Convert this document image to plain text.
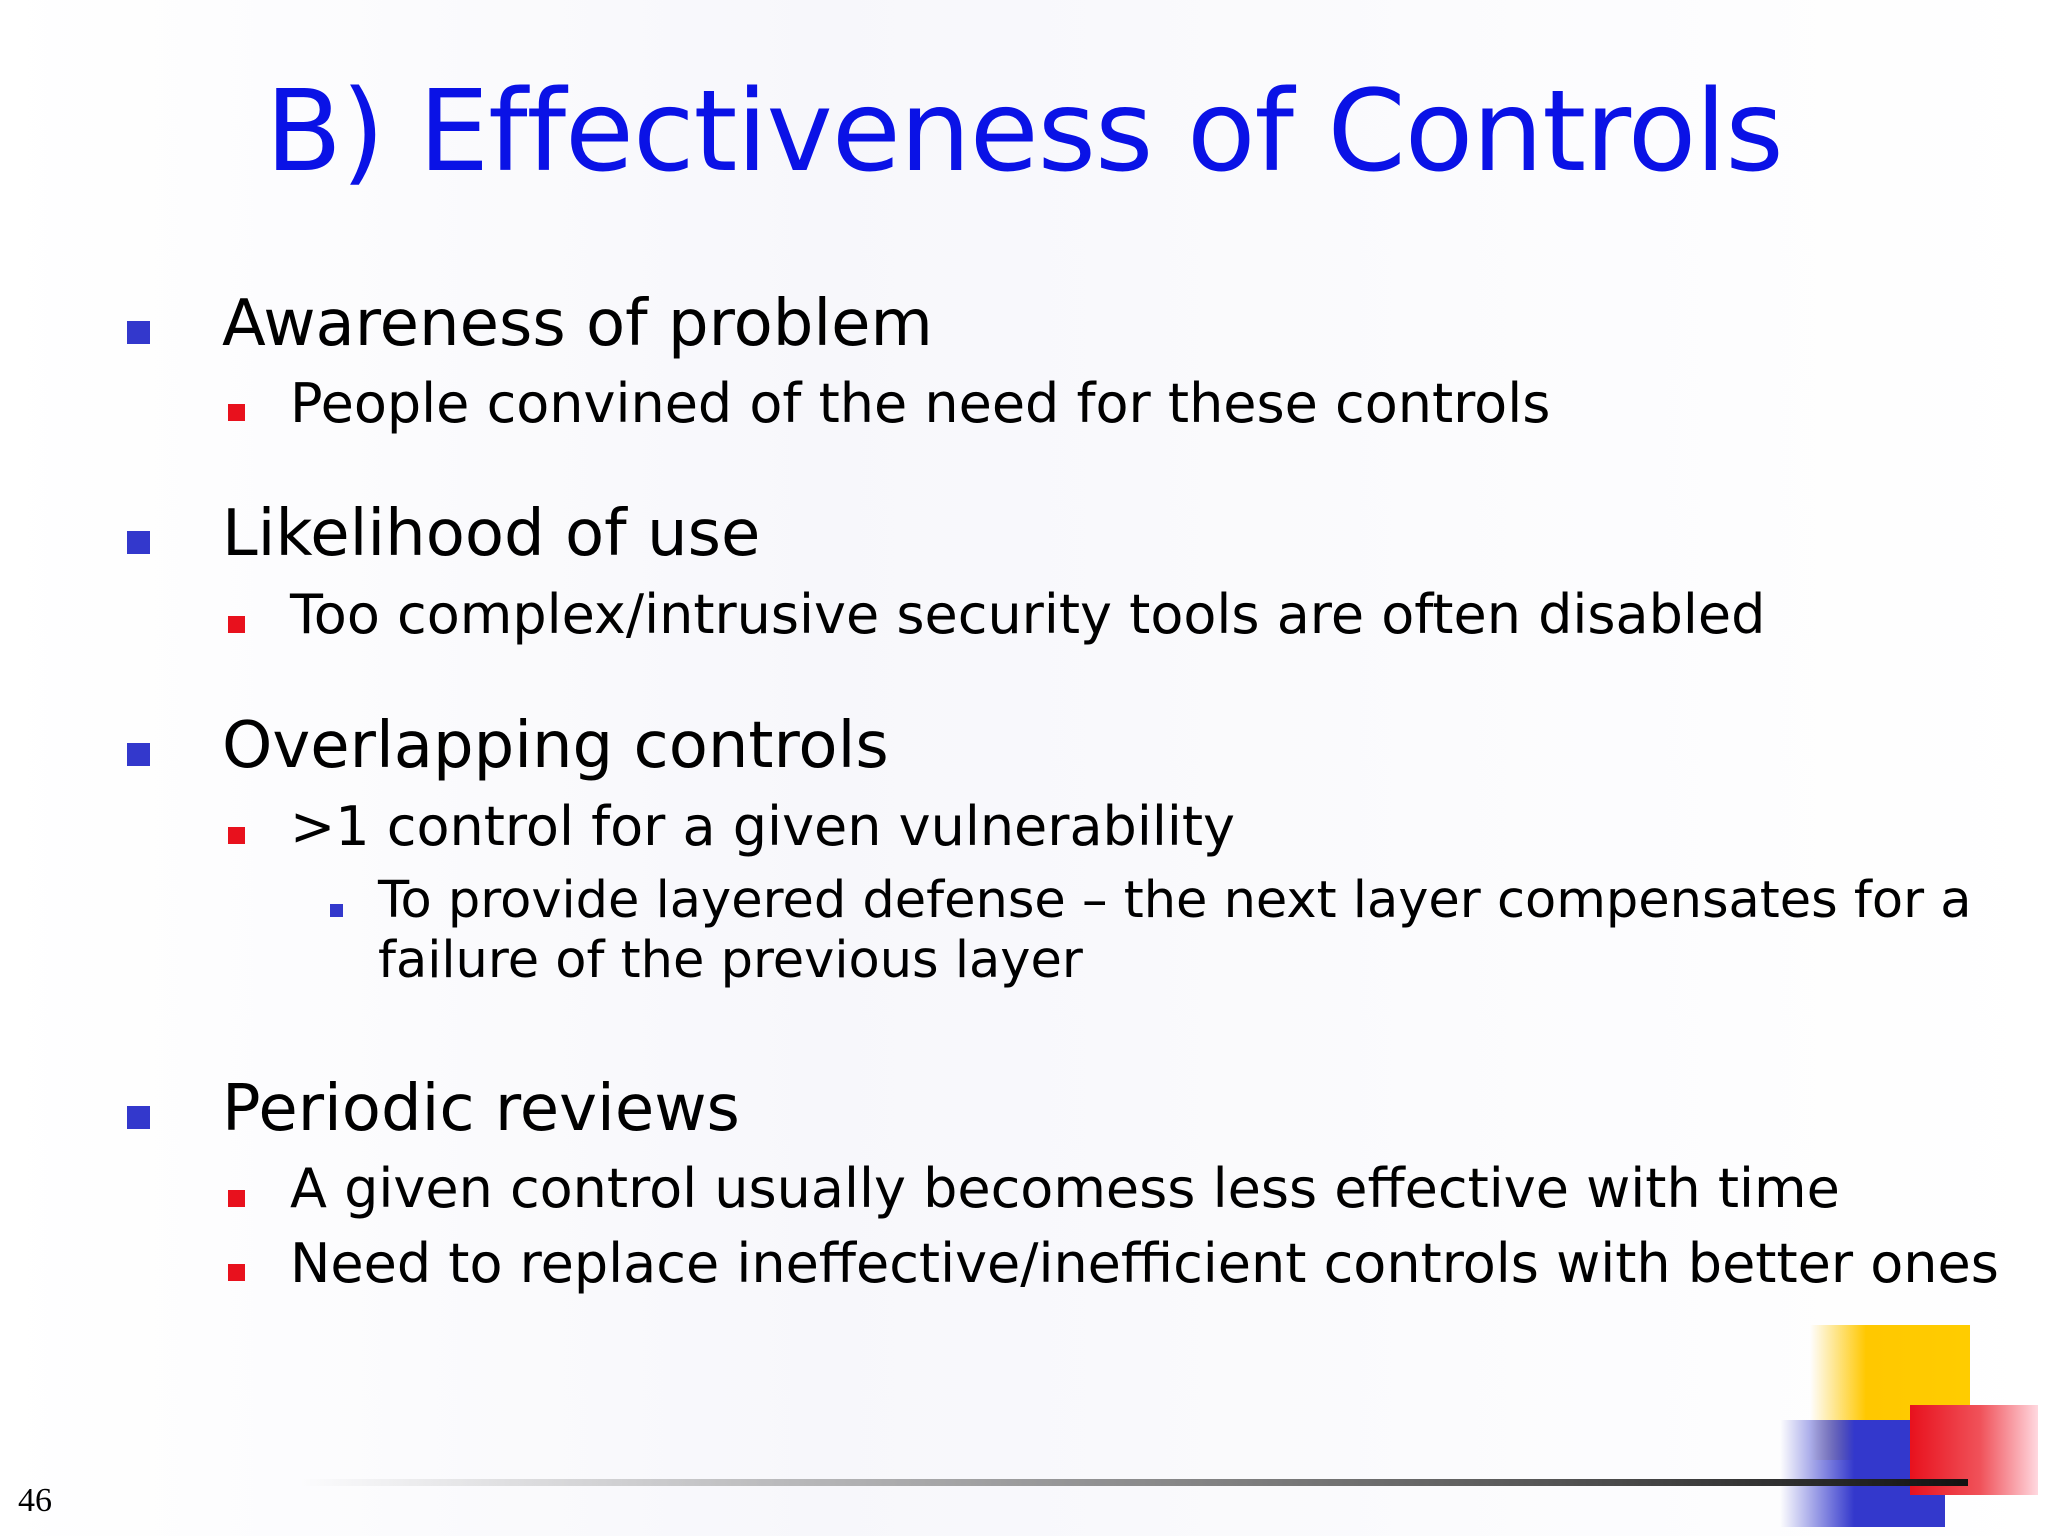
B) Effectiveness of Controls
Awareness of problem
People convined of the need for these controls
Likelihood of use
Too complex/intrusive security tools are often disabled
Overlapping controls
>1 control for a given vulnerability
To provide layered defense – the next layer compensates for a failure of the previous layer
Periodic reviews
A given control usually becomess less effective with time
Need to replace ineffective/inefficient controls with better ones
46
